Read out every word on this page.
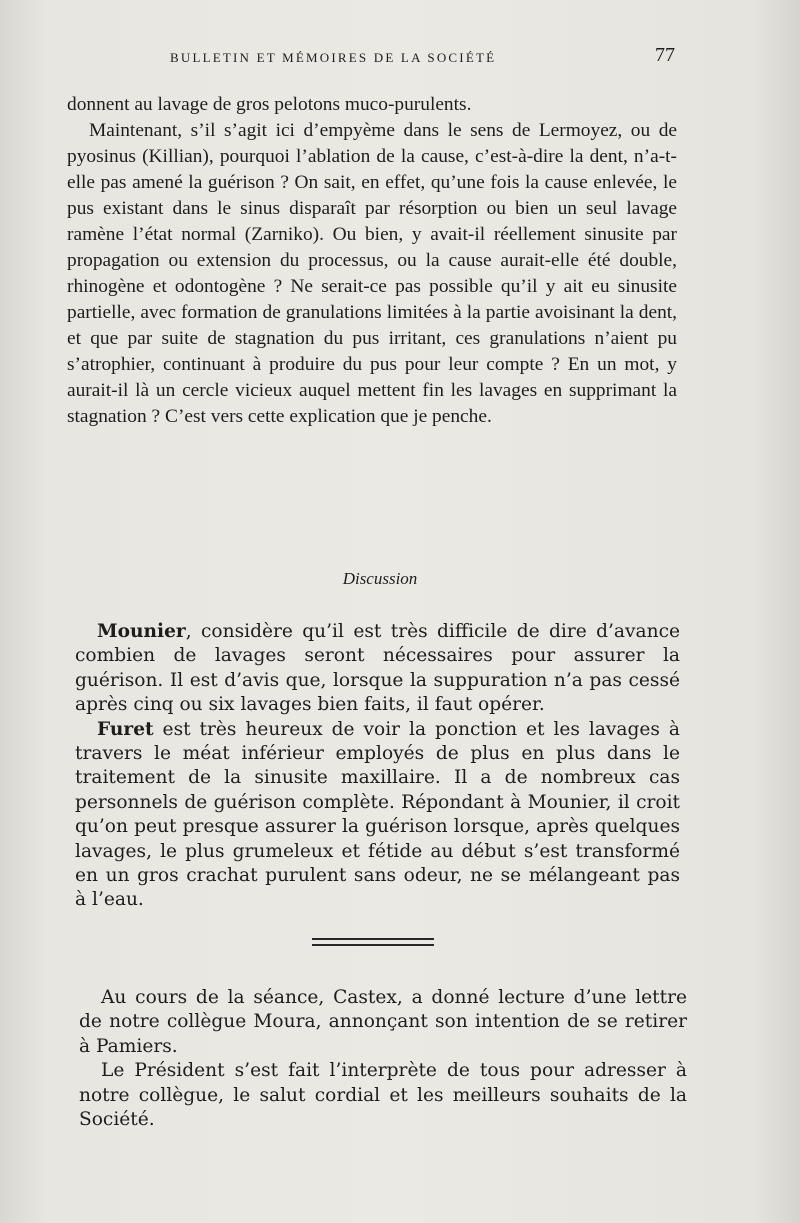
BULLETIN ET MÉMOIRES DE LA SOCIÉTÉ	77

donnent au lavage de gros pelotons muco-purulents.

Maintenant, s’il s’agit ici d’empyème dans le sens de Lermoyez, ou de pyosinus (Killian), pourquoi l’ablation de la cause, c’est-à-dire la dent, n’a-t-elle pas amené la guérison ? On sait, en effet, qu’une fois la cause enlevée, le pus existant dans le sinus disparaît par résorption ou bien un seul lavage ramène l’état normal (Zarniko). Ou bien, y avait-il réellement sinusite par propagation ou extension du processus, ou la cause aurait-elle été double, rhinogène et odontogène ? Ne serait-ce pas possible qu’il y ait eu sinusite partielle, avec formation de granulations limitées à la partie avoisinant la dent, et que par suite de stagnation du pus irritant, ces granulations n’aient pu s’atrophier, continuant à produire du pus pour leur compte ? En un mot, y aurait-il là un cercle vicieux auquel mettent fin les lavages en supprimant la stagnation ? C’est vers cette explication que je penche.

Discussion

Mounier, considère qu’il est très difficile de dire d’avance combien de lavages seront nécessaires pour assurer la guérison. Il est d’avis que, lorsque la suppuration n’a pas cessé après cinq ou six lavages bien faits, il faut opérer.

Furet est très heureux de voir la ponction et les lavages à travers le méat inférieur employés de plus en plus dans le traitement de la sinusite maxillaire. Il a de nombreux cas personnels de guérison complète. Répondant à Mounier, il croit qu’on peut presque assurer la guérison lorsque, après quelques lavages, le plus grumeleux et fétide au début s’est transformé en un gros crachat purulent sans odeur, ne se mélangeant pas à l’eau.

Au cours de la séance, Castex, a donné lecture d’une lettre de notre collègue Moura, annonçant son intention de se retirer à Pamiers.

Le Président s’est fait l’interprète de tous pour adresser à notre collègue, le salut cordial et les meilleurs souhaits de la Société.
